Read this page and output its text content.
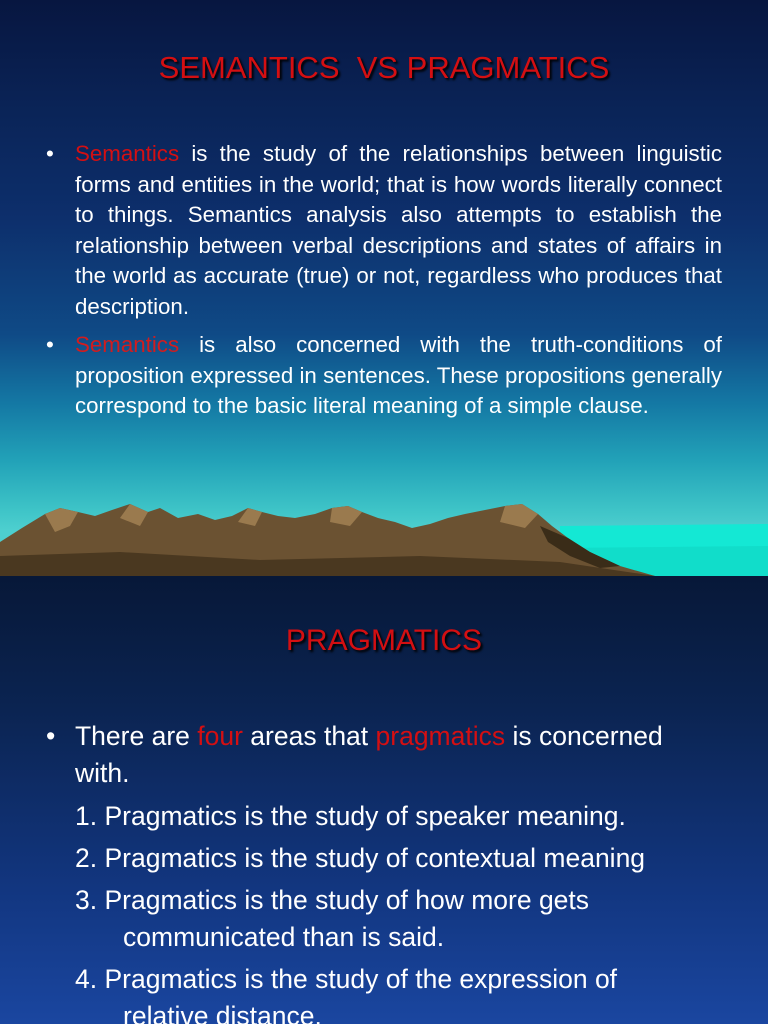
SEMANTICS  VS PRAGMATICS
• Semantics is the study of the relationships between linguistic forms and entities in the world; that is how words literally connect to things. Semantics analysis also attempts to establish the relationship between verbal descriptions and states of affairs in the world as accurate (true) or not, regardless who produces that description.
• Semantics is also concerned with the truth-conditions of proposition expressed in sentences. These propositions generally correspond to the basic literal meaning of a simple clause.
PRAGMATICS
• There are four areas that pragmatics is concerned with.
1. Pragmatics is the study of speaker meaning.
2. Pragmatics is the study of contextual meaning
3. Pragmatics is the study of how more gets
communicated than is said.
4. Pragmatics is the study of the expression of
relative distance.
